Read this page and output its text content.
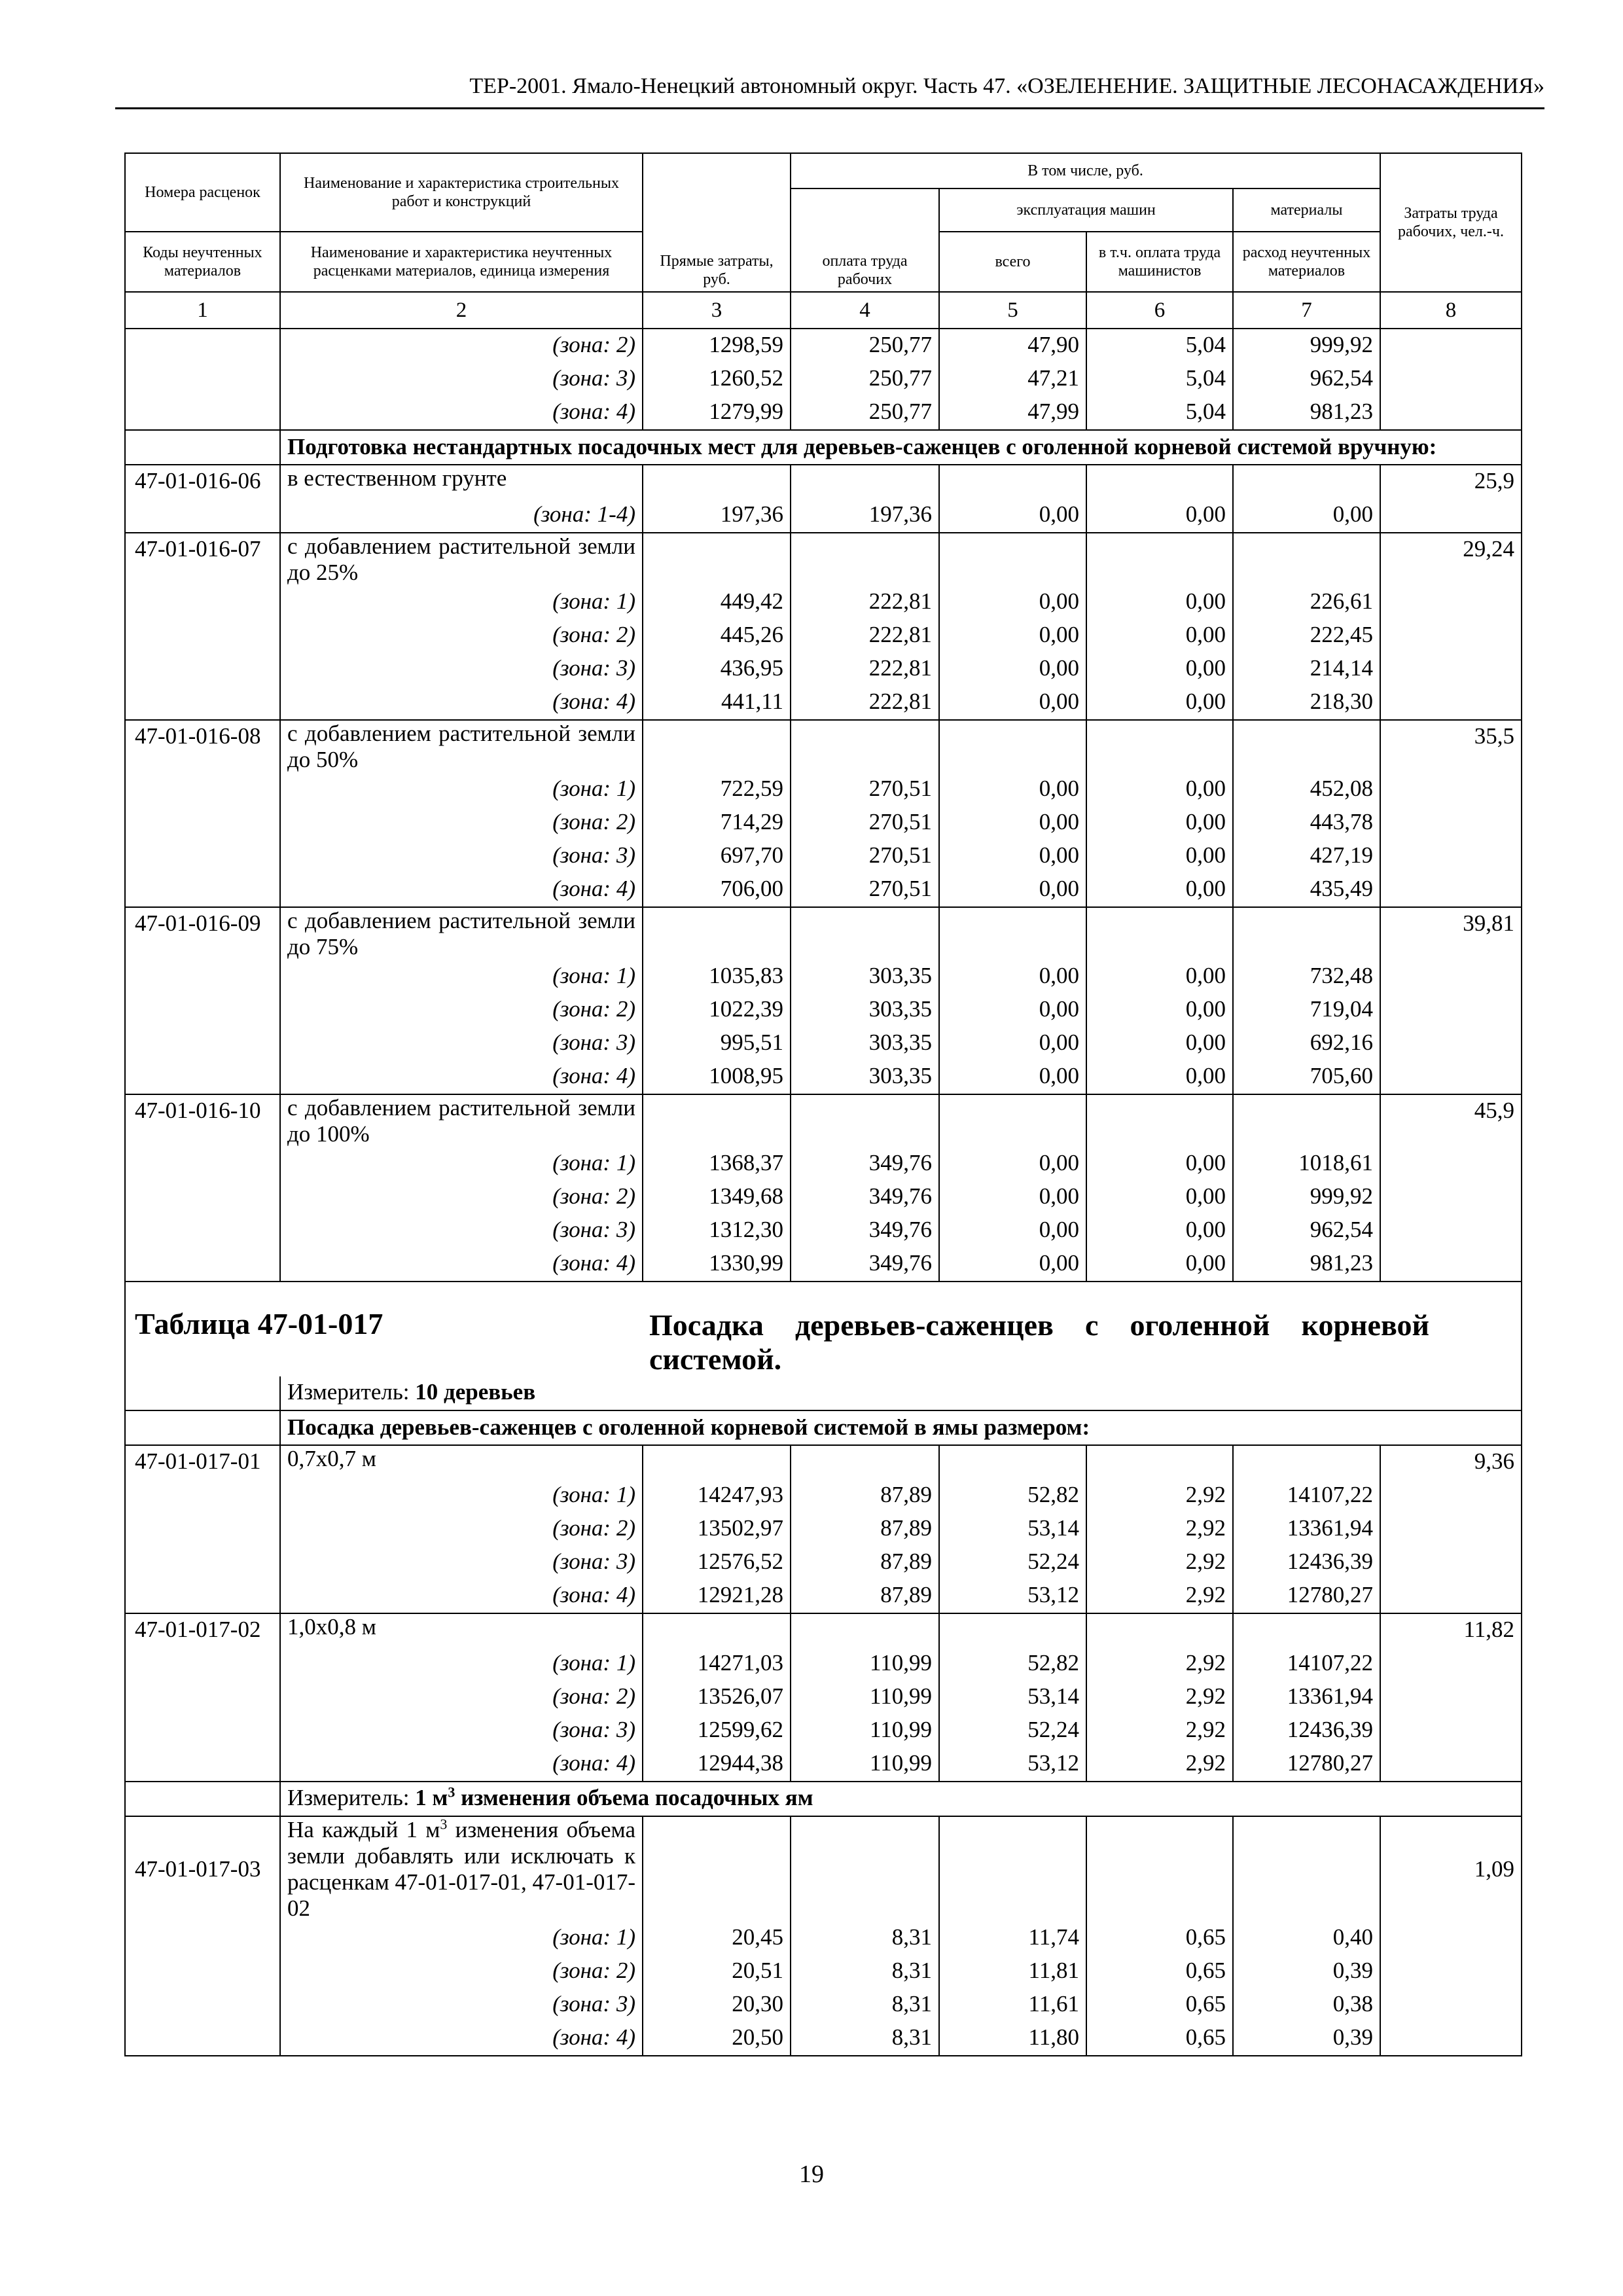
ТЕР-2001. Ямало-Ненецкий автономный округ. Часть 47. «ОЗЕЛЕНЕНИЕ. ЗАЩИТНЫЕ ЛЕСОНАСАЖДЕНИЯ»
Номера расценок	Наименование и характеристика строительных работ и конструкций	Прямые затраты, руб.	В том числе, руб.				Затраты труда рабочих, чел.-ч.
			оплата труда рабочих	эксплуатация машин		материалы	
Коды неучтенных материалов	Наименование и характеристика неучтенных расценками материалов, единица измерения			всего	в т.ч. оплата труда машинистов	расход неучтенных материалов	
1	2	3	4	5	6	7	8
	(зона: 2)	1298,59	250,77	47,90	5,04	999,92	
	(зона: 3)	1260,52	250,77	47,21	5,04	962,54	
	(зона: 4)	1279,99	250,77	47,99	5,04	981,23	
	Подготовка нестандартных посадочных мест для деревьев-саженцев с оголенной корневой системой вручную:						
47-01-016-06	в естественном грунте						25,9
	(зона: 1-4)	197,36	197,36	0,00	0,00	0,00	
47-01-016-07	с добавлением растительной земли до 25%						29,24
	(зона: 1)	449,42	222,81	0,00	0,00	226,61	
	(зона: 2)	445,26	222,81	0,00	0,00	222,45	
	(зона: 3)	436,95	222,81	0,00	0,00	214,14	
	(зона: 4)	441,11	222,81	0,00	0,00	218,30	
47-01-016-08	с добавлением растительной земли до 50%						35,5
	(зона: 1)	722,59	270,51	0,00	0,00	452,08	
	(зона: 2)	714,29	270,51	0,00	0,00	443,78	
	(зона: 3)	697,70	270,51	0,00	0,00	427,19	
	(зона: 4)	706,00	270,51	0,00	0,00	435,49	
47-01-016-09	с добавлением растительной земли до 75%						39,81
	(зона: 1)	1035,83	303,35	0,00	0,00	732,48	
	(зона: 2)	1022,39	303,35	0,00	0,00	719,04	
	(зона: 3)	995,51	303,35	0,00	0,00	692,16	
	(зона: 4)	1008,95	303,35	0,00	0,00	705,60	
47-01-016-10	с добавлением растительной земли до 100%						45,9
	(зона: 1)	1368,37	349,76	0,00	0,00	1018,61	
	(зона: 2)	1349,68	349,76	0,00	0,00	999,92	
	(зона: 3)	1312,30	349,76	0,00	0,00	962,54	
	(зона: 4)	1330,99	349,76	0,00	0,00	981,23	

Таблица 47-01-017		Посадка деревьев-саженцев с оголенной корневой системой.					

	Измеритель: 10 деревьев						
	Посадка деревьев-саженцев с оголенной корневой системой в ямы размером:						
47-01-017-01	0,7х0,7 м						9,36
	(зона: 1)	14247,93	87,89	52,82	2,92	14107,22	
	(зона: 2)	13502,97	87,89	53,14	2,92	13361,94	
	(зона: 3)	12576,52	87,89	52,24	2,92	12436,39	
	(зона: 4)	12921,28	87,89	53,12	2,92	12780,27	
47-01-017-02	1,0х0,8 м						11,82
	(зона: 1)	14271,03	110,99	52,82	2,92	14107,22	
	(зона: 2)	13526,07	110,99	53,14	2,92	13361,94	
	(зона: 3)	12599,62	110,99	52,24	2,92	12436,39	
	(зона: 4)	12944,38	110,99	53,12	2,92	12780,27	
	Измеритель: 1 $м^3$ изменения объема посадочных ям						
47-01-017-03	На каждый 1 $м^3$ изменения объема земли добавлять или исключать к расценкам 47-01-017-01, 47-01-017-02						1,09
	(зона: 1)	20,45	8,31	11,74	0,65	0,40	
	(зона: 2)	20,51	8,31	11,81	0,65	0,39	
	(зона: 3)	20,30	8,31	11,61	0,65	0,38	
	(зона: 4)	20,50	8,31	11,80	0,65	0,39	
19
